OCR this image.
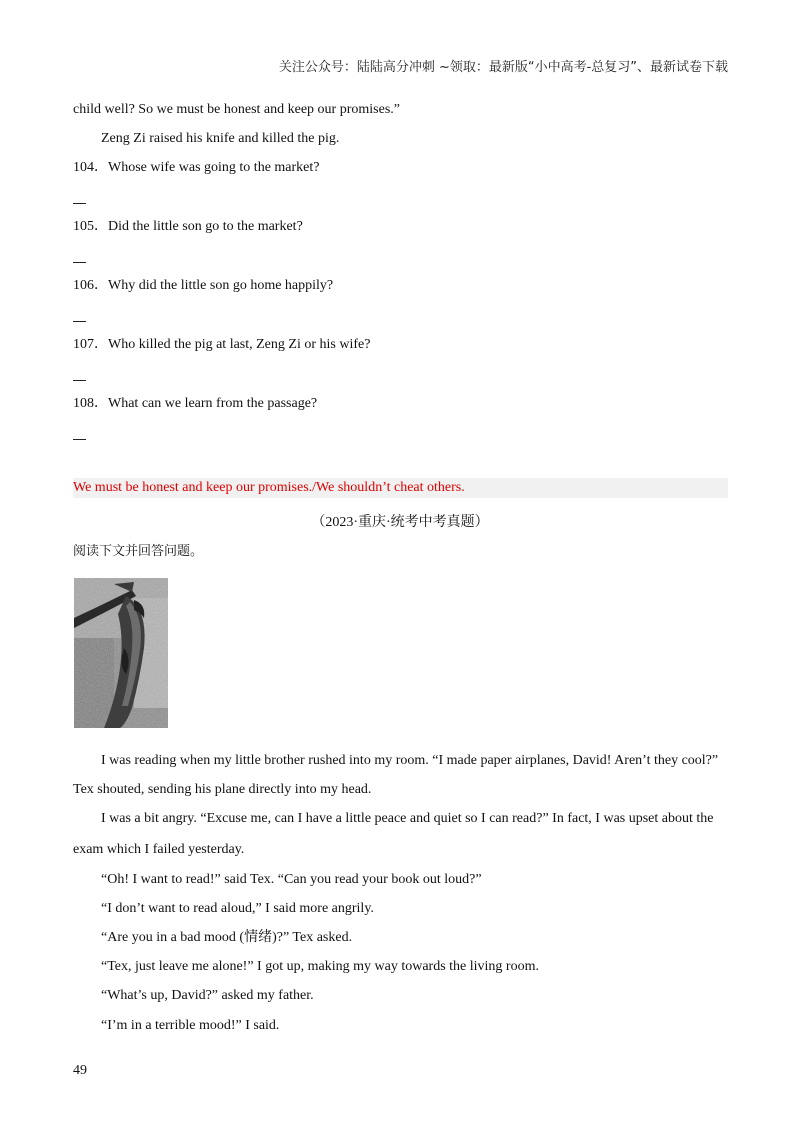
关注公众号：陆陆高分冲刺 ~领取：最新版“小中高考-总复习”、最新试卷下载
child well? So we must be honest and keep our promises.”
Zeng Zi raised his knife and killed the pig.
104．Whose wife was going to the market?
105．Did the little son go to the market?
106．Why did the little son go home happily?
107．Who killed the pig at last, Zeng Zi or his wife?
108．What can we learn from the passage?
We must be honest and keep our promises./We shouldn’t cheat others.
（2023·重庆·统考中考真题）
阅读下文并回答问题。
I was reading when my little brother rushed into my room. “I made paper airplanes, David! Aren’t they cool?”
Tex shouted, sending his plane directly into my head.
I was a bit angry. “Excuse me, can I have a little peace and quiet so I can read?” In fact, I was upset about the
exam which I failed yesterday.
“Oh! I want to read!” said Tex. “Can you read your book out loud?”
“I don’t want to read aloud,” I said more angrily.
“Are you in a bad mood (情绪)?” Tex asked.
“Tex, just leave me alone!” I got up, making my way towards the living room.
“What’s up, David?” asked my father.
“I’m in a terrible mood!” I said.
49
